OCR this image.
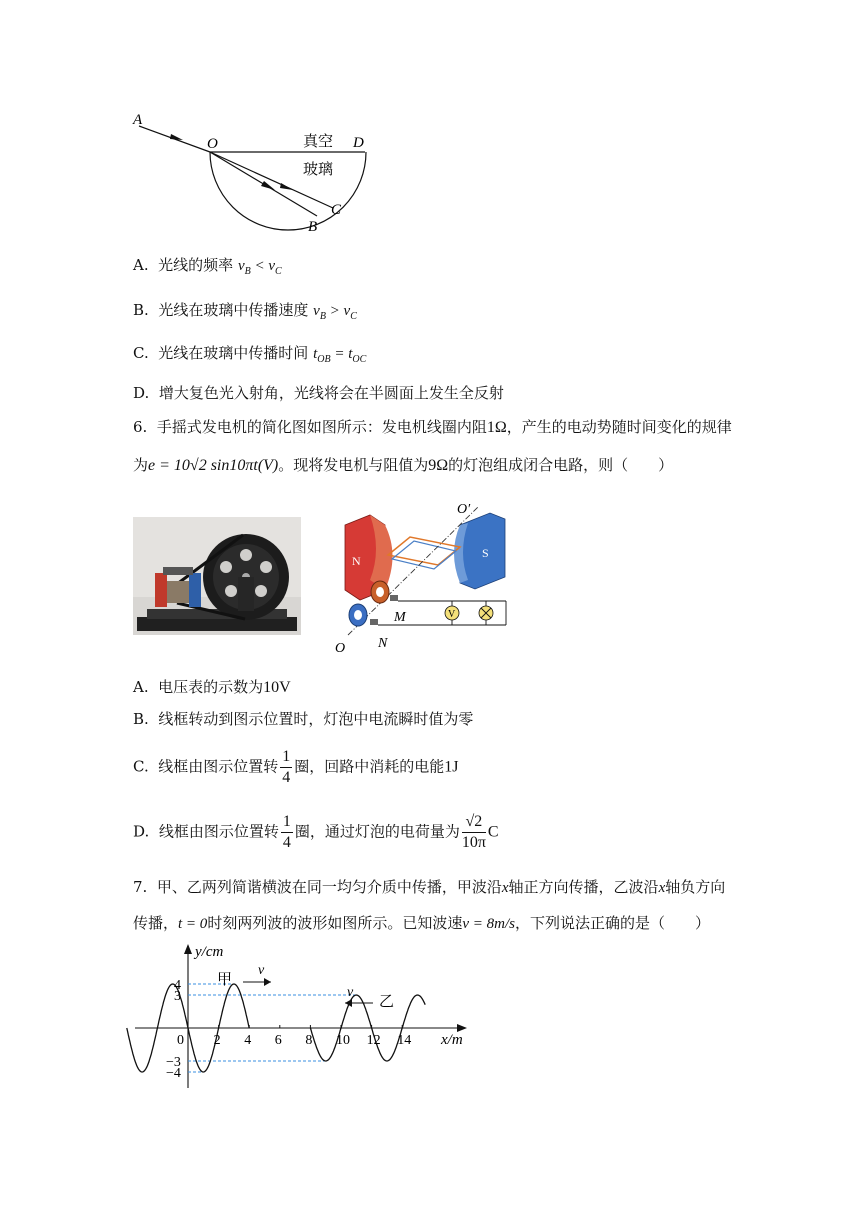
A
O	D
B
C
真空
玻璃
A. 光线的频率 $\nu_B < \nu_C$
B. 光线在玻璃中传播速度 $v_B > v_C$
C. 光线在玻璃中传播时间 $t_{OB} = t_{OC}$
D. 增大复色光入射角，光线将会在半圆面上发生全反射
6. 手摇式发电机的简化图如图所示：发电机线圈内阻1Ω，产生的电动势随时间变化的规律
为e = 10√2 sin10πt(V)。现将发电机与阻值为9Ω的灯泡组成闭合电路，则（　　）
N
S
O′
O
M
N
V
A. 电压表的示数为10V
B. 线框转动到图示位置时，灯泡中电流瞬时值为零
C. 线框由图示位置转 $\frac{1}{4}$ 圈，回路中消耗的电能1J
D. 线框由图示位置转 $\frac{1}{4}$ 圈，通过灯泡的电荷量为 $\frac{√2}{10\pi}$ C
7. 甲、乙两列简谐横波在同一均匀介质中传播，甲波沿x轴正方向传播，乙波沿x轴负方向
传播，t = 0时刻两列波的波形如图所示。已知波速v = 8m/s，下列说法正确的是（　　）
0 2 4 6 8 10 12 14
4
3
−3
−4
y/cm
x/m
甲
乙
v
v
